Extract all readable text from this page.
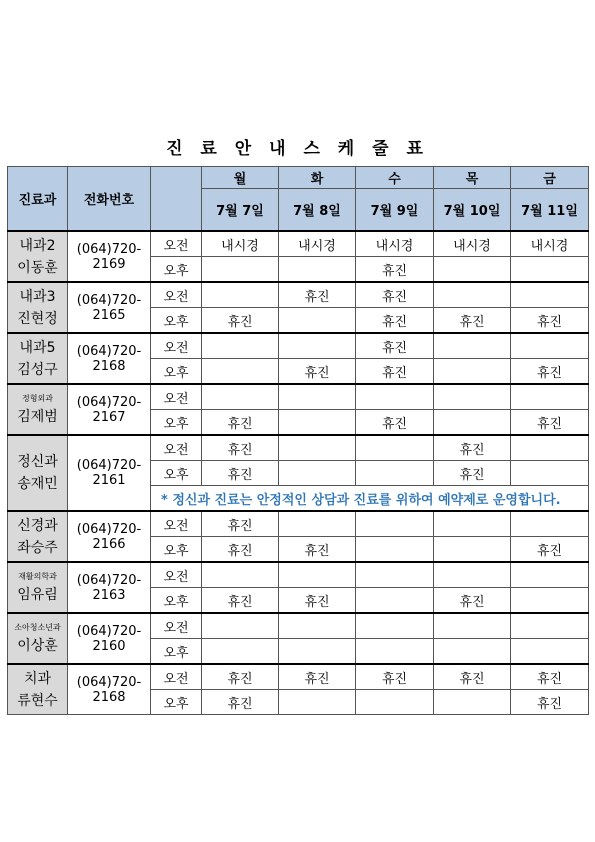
진 료 안 내 스 케 줄 표
진료과	전화번호		월	화	수	목	금
			7월 7일	7월 8일	7월 9일	7월 10일	7월 11일

내과2
이동훈	(064)720-2169	오전	내시경	내시경	내시경	내시경	내시경
		오후			휴진		

내과3
진현정	(064)720-2165	오전		휴진	휴진		
		오후	휴진		휴진	휴진	휴진

내과5
김성구	(064)720-2168	오전			휴진		
		오후		휴진	휴진		휴진

정형외과
김제범	(064)720-2167	오전					
		오후	휴진		휴진		휴진

정신과
송재민	(064)720-2161	오전	휴진			휴진	
		오후	휴진			휴진	
		* 정신과 진료는 안정적인 상담과 진료를 위하여 예약제로 운영합니다.					

신경과
좌승주	(064)720-2166	오전	휴진				
		오후	휴진	휴진			휴진

재활의학과
임유림	(064)720-2163	오전					
		오후	휴진	휴진		휴진	

소아청소년과
이상훈	(064)720-2160	오전					
		오후					

치과
류현수	(064)720-2168	오전	휴진	휴진	휴진	휴진	휴진
		오후	휴진				휴진
